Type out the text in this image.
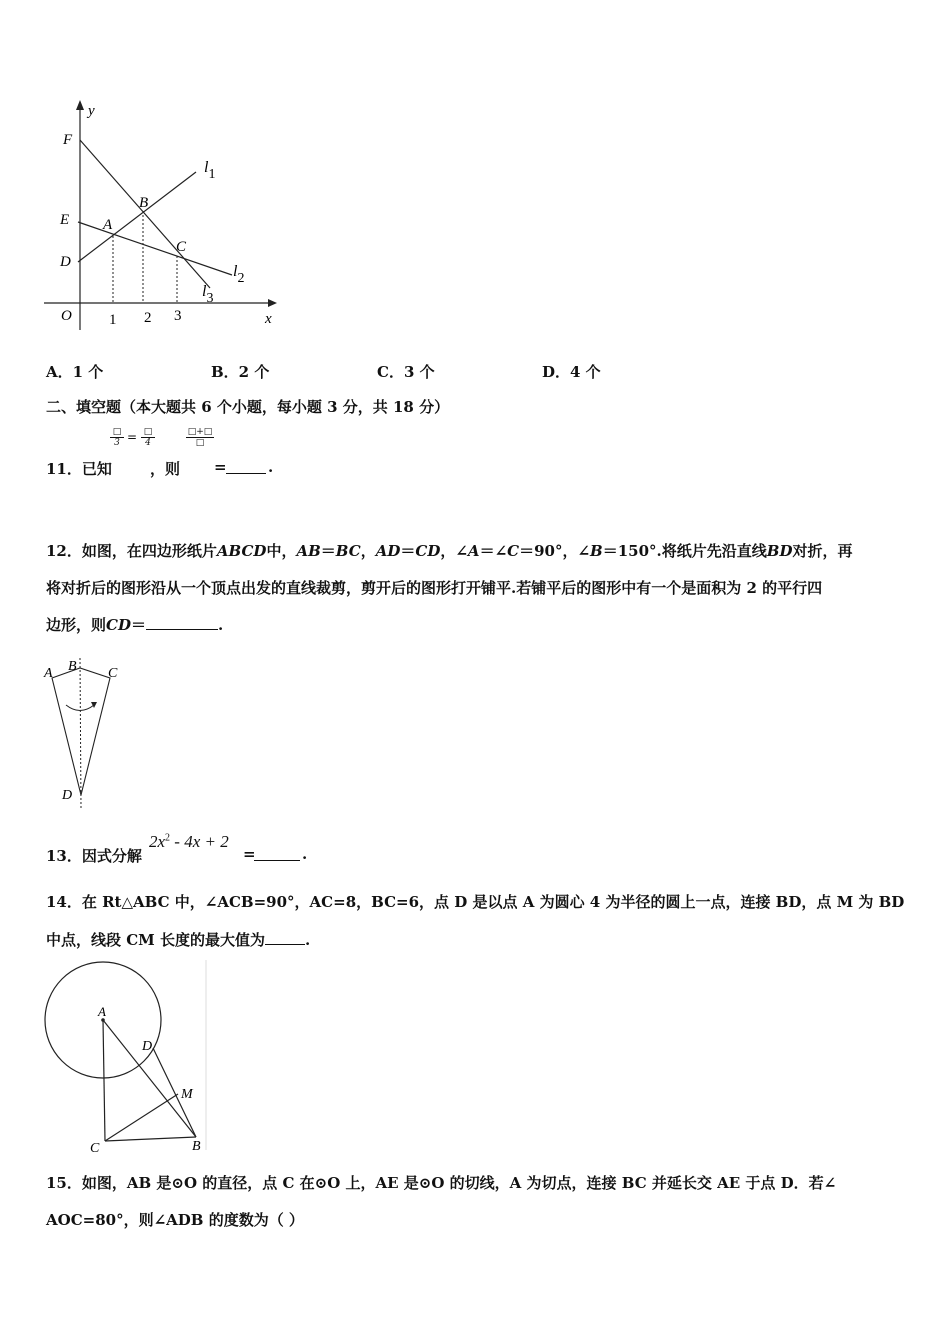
y
x
O
F
E
D
A
B
C
l1
l2
l3
1 2 3
A．1 个	B．2 个	C．3 个	D．4 个
二、填空题（本大题共 6 个小题，每小题 3 分，共 18 分）
□
3 = □
4
□+□
□
11．已知	，则 =	.
12．如图，在四边形纸片ABCD中，AB＝BC，AD＝CD，∠A＝∠C＝90°，∠B＝150°.将纸片先沿直线BD对折，再
将对折后的图形沿从一个顶点出发的直线裁剪，剪开后的图形打开铺平.若铺平后的图形中有一个是面积为 2 的平行四
边形，则CD＝	.
A B C
D
13．因式分解
$2x^2 - 4x + 2$
=	.
14．在 Rt△ABC 中，∠ACB=90°，AC=8，BC=6，点 D 是以点 A 为圆心 4 为半径的圆上一点，连接 BD，点 M 为 BD
中点，线段 CM 长度的最大值为	.
A
D
M
C	B
15．如图，AB 是⊙O 的直径，点 C 在⊙O 上，AE 是⊙O 的切线，A 为切点，连接 BC 并延长交 AE 于点 D．若∠
AOC=80°，则∠ADB 的度数为（ ）
